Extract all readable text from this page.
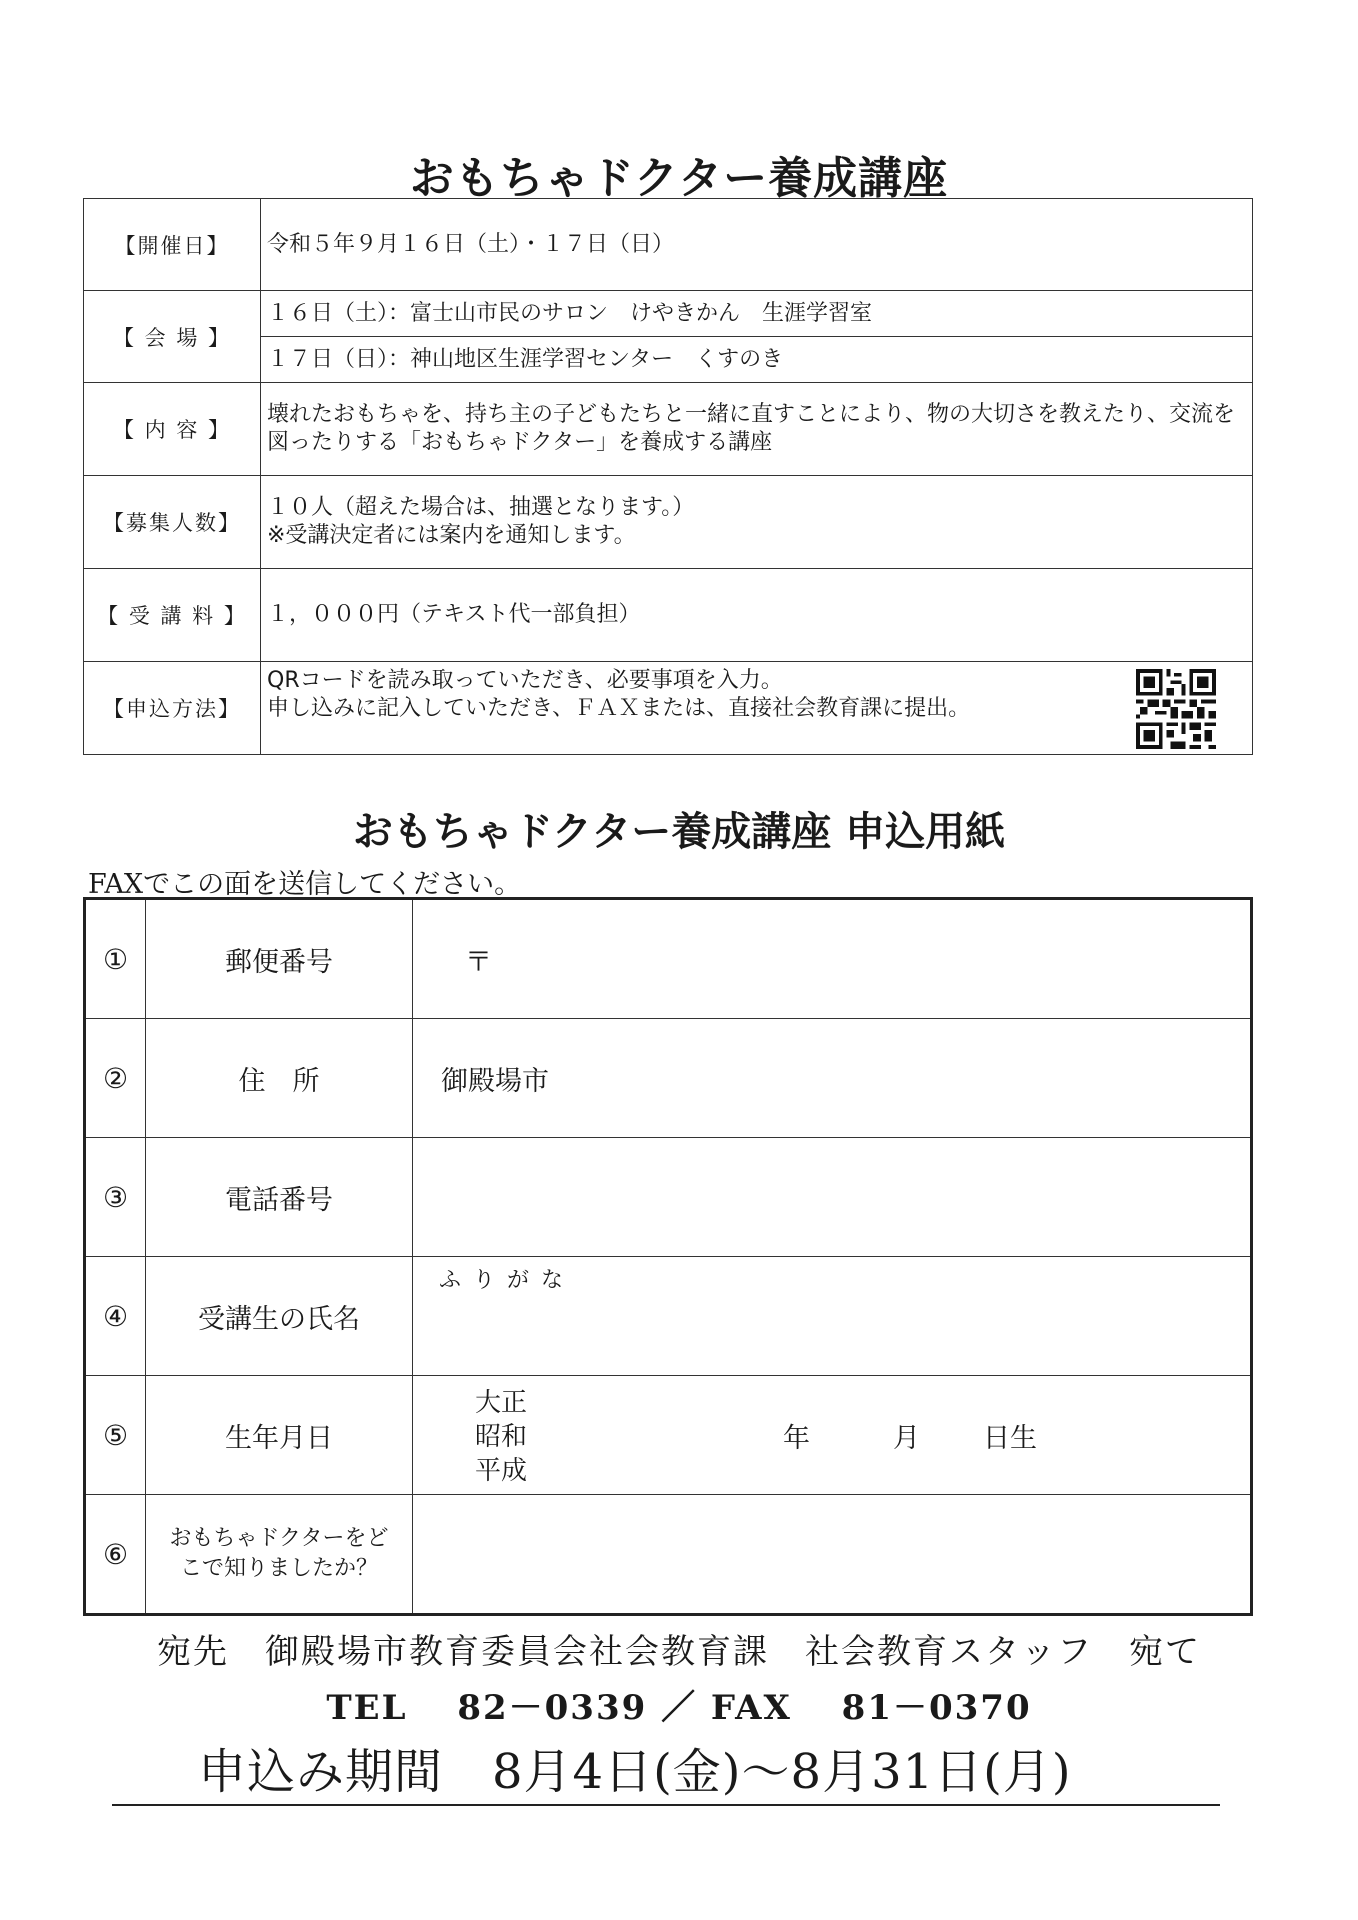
おもちゃドクター養成講座
【開催日】	令和５年９月１６日（土）・１７日（日）
【 会 場 】	１６日（土）：富士山市民のサロン　けやきかん　生涯学習室
	１７日（日）：神山地区生涯学習センター　くすのき
【 内 容 】	壊れたおもちゃを、持ち主の子どもたちと一緒に直すことにより、物の大切さを教えたり、交流を図ったりする「おもちゃドクター」を養成する講座
【募集人数】	１０人（超えた場合は、抽選となります。）
※受講決定者には案内を通知します。

【 受 講 料 】	１，０００円（テキスト代一部負担）
【申込方法】	QRコードを読み取っていただき、必要事項を入力。
申し込みに記入していただき、ＦＡＸまたは、直接社会教育課に提出。
おもちゃドクター養成講座 申込用紙
FAXでこの面を送信してください。
①	郵便番号	〒
②	住　所	御殿場市
③	電話番号	
④	受講生の氏名	ふりがな

⑤	生年月日	大正
昭和
平成
年 月 日生

⑥	おもちゃドクターをど
こで知りましたか？	

宛先　御殿場市教育委員会社会教育課　社会教育スタッフ　宛て
TEL　 82－0339 ／ FAX　 81－0370
申込み期間　8月4日(金)～8月31日(月)
